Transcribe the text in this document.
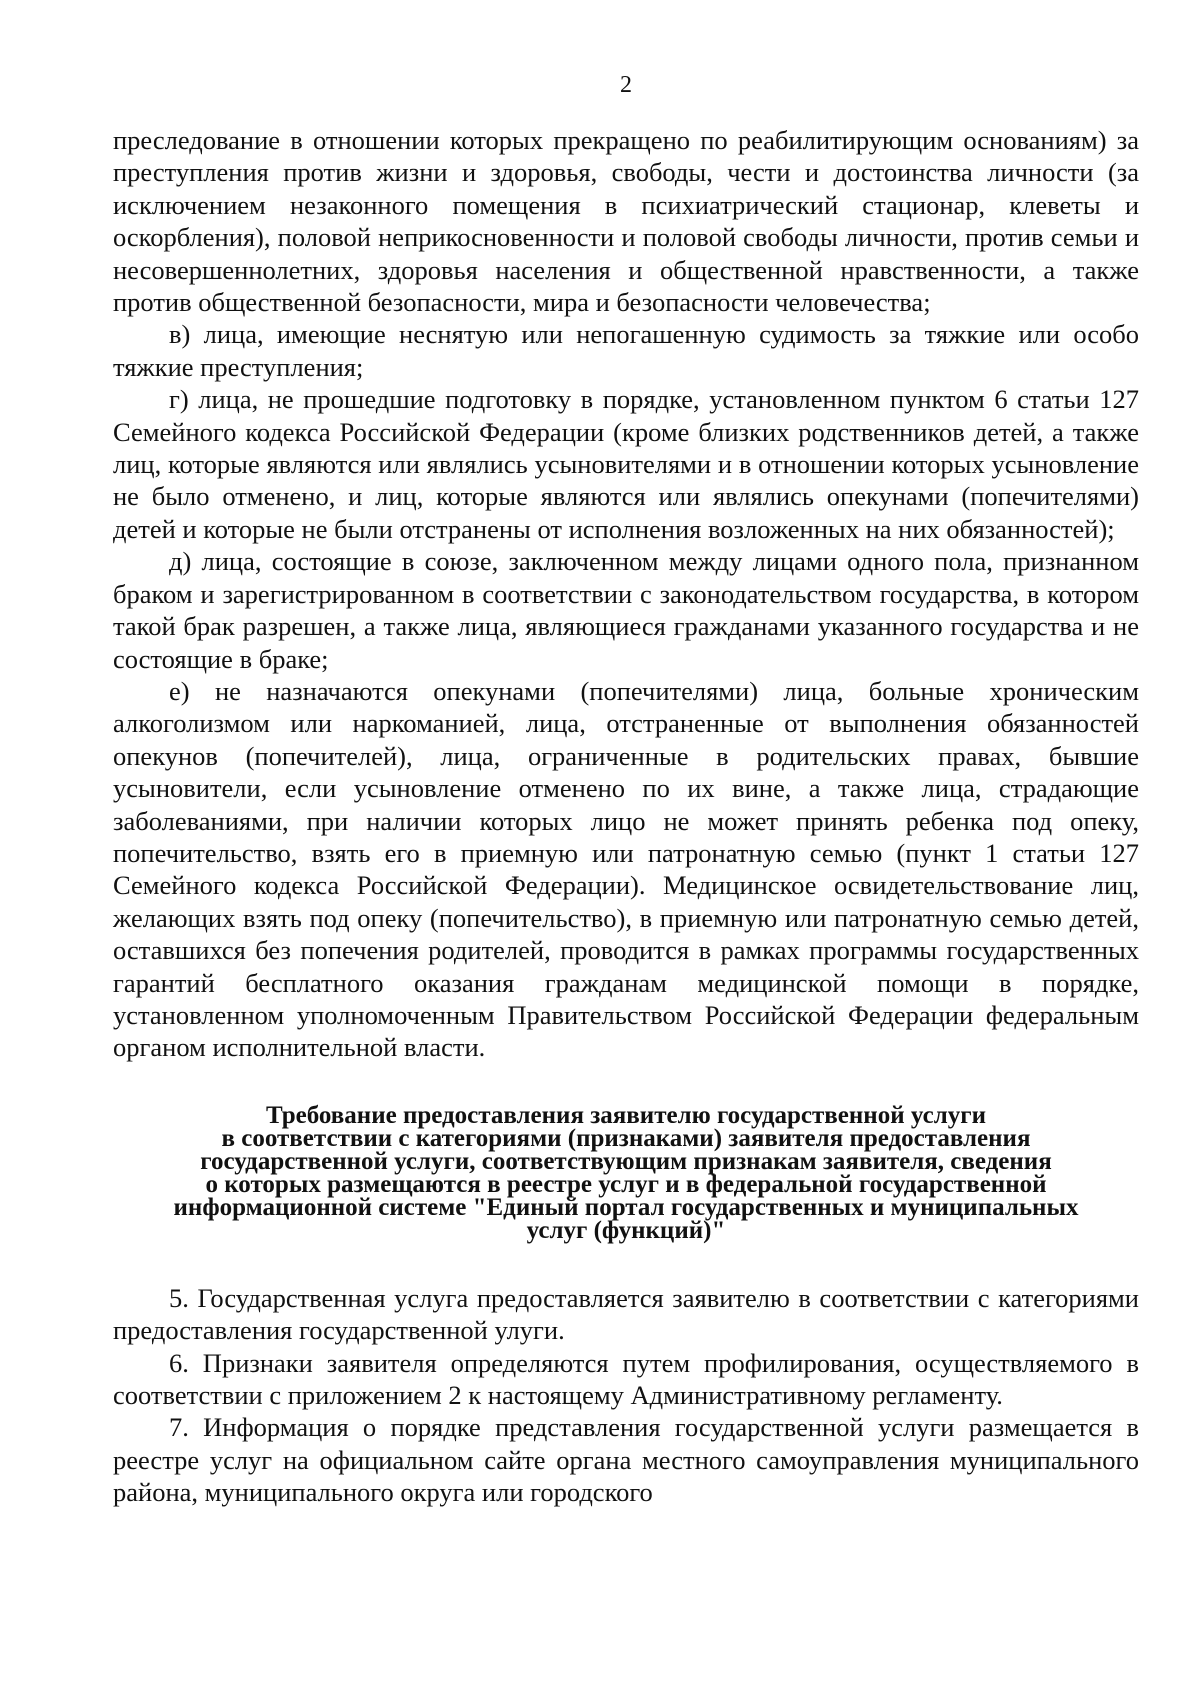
2

преследование в отношении которых прекращено по реабилитирующим основаниям) за преступления против жизни и здоровья, свободы, чести и достоинства личности (за исключением незаконного помещения в психиатрический стационар, клеветы и оскорбления), половой неприкосновенности и половой свободы личности, против семьи и несовершеннолетних, здоровья населения и общественной нравственности, а также против общественной безопасности, мира и безопасности человечества;

в) лица, имеющие неснятую или непогашенную судимость за тяжкие или особо тяжкие преступления;

г) лица, не прошедшие подготовку в порядке, установленном пунктом 6 статьи 127 Семейного кодекса Российской Федерации (кроме близких родственников детей, а также лиц, которые являются или являлись усыновителями и в отношении которых усыновление не было отменено, и лиц, которые являются или являлись опекунами (попечителями) детей и которые не были отстранены от исполнения возложенных на них обязанностей);

д) лица, состоящие в союзе, заключенном между лицами одного пола, признанном браком и зарегистрированном в соответствии с законодательством государства, в котором такой брак разрешен, а также лица, являющиеся гражданами указанного государства и не состоящие в браке;

е) не назначаются опекунами (попечителями) лица, больные хроническим алкоголизмом или наркоманией, лица, отстраненные от выполнения обязанностей опекунов (попечителей), лица, ограниченные в родительских правах, бывшие усыновители, если усыновление отменено по их вине, а также лица, страдающие заболеваниями, при наличии которых лицо не может принять ребенка под опеку, попечительство, взять его в приемную или патронатную семью (пункт 1 статьи 127 Семейного кодекса Российской Федерации). Медицинское освидетельствование лиц, желающих взять под опеку (попечительство), в приемную или патронатную семью детей, оставшихся без попечения родителей, проводится в рамках программы государственных гарантий бесплатного оказания гражданам медицинской помощи в порядке, установленном уполномоченным Правительством Российской Федерации федеральным органом исполнительной власти.

Требование предоставления заявителю государственной услуги
в соответствии с категориями (признаками) заявителя предоставления
государственной услуги, соответствующим признакам заявителя, сведения
о которых размещаются в реестре услуг и в федеральной государственной
информационной системе "Единый портал государственных и муниципальных
услуг (функций)"

5. Государственная услуга предоставляется заявителю в соответствии с категориями предоставления государственной улуги.

6. Признаки заявителя определяются путем профилирования, осуществляемого в соответствии с приложением 2 к настоящему Административному регламенту.

7. Информация о порядке представления государственной услуги размещается в реестре услуг на официальном сайте органа местного самоуправления муниципального района, муниципального округа или городского
